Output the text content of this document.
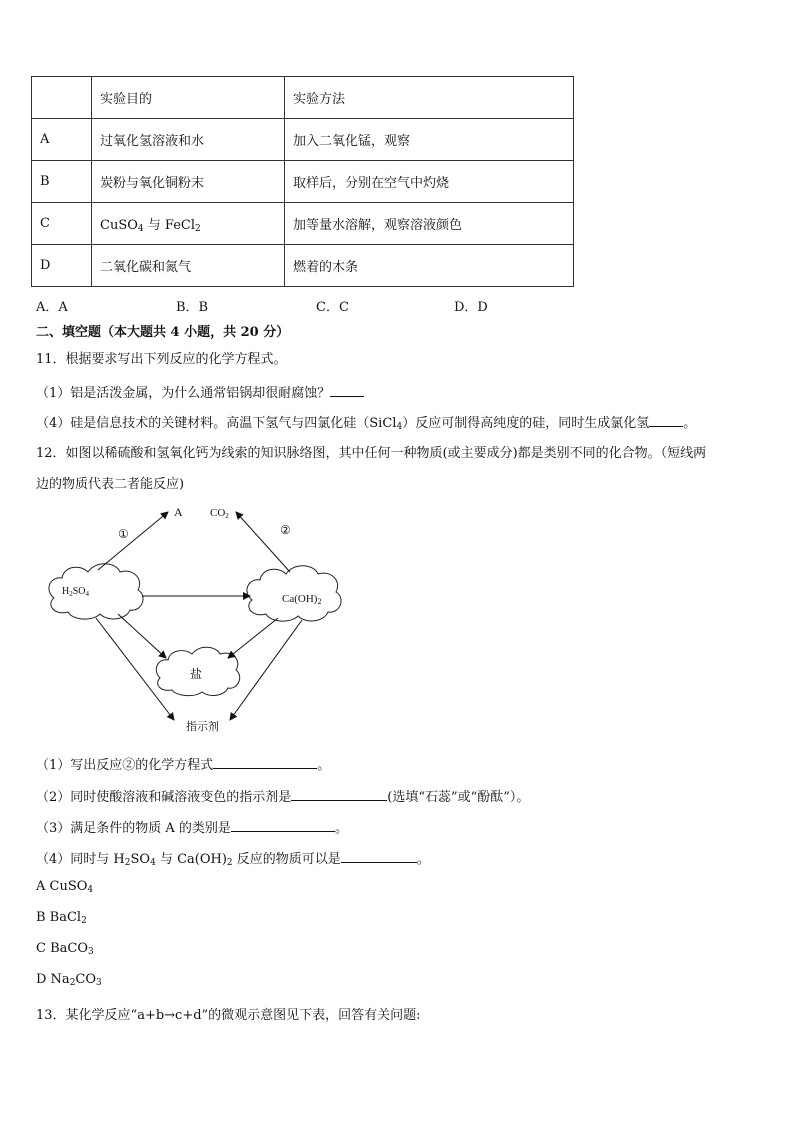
	实验目的	实验方法
A	过氧化氢溶液和水	加入二氧化锰，观察
B	炭粉与氧化铜粉末	取样后，分别在空气中灼烧
C	CuSO$_4$ 与 FeCl$_2$	加等量水溶解，观察溶液颜色
D	二氧化碳和氮气	燃着的木条
A．A	B．B	C．C	D．D
二、填空题（本大题共 4 小题，共 20 分）
11．根据要求写出下列反应的化学方程式。
（1）铝是活泼金属，为什么通常铝锅却很耐腐蚀？
（4）硅是信息技术的关键材料。高温下氢气与四氯化硅（SiCl$_4$）反应可制得高纯度的硅，同时生成氯化氢	。
12．如图以稀硫酸和氢氧化钙为线索的知识脉络图，其中任何一种物质(或主要成分)都是类别不同的化合物。（短线两
边的物质代表二者能反应)
$H_2SO_4$	Ca(OH)2
盐
指示剂
A CO2
①	②
（1）写出反应②的化学方程式	。
（2）同时使酸溶液和碱溶液变色的指示剂是	(选填“石蕊”或“酚酞”）。
（3）满足条件的物质 A 的类别是	。
（4）同时与 $H_2SO_4$ 与 $Ca(OH)_2$ 反应的物质可以是	。
A CuSO$_4$
B BaCl$_2$
C BaCO$_3$
D $Na_2CO_3$
13．某化学反应“a+b→c+d”的微观示意图见下表，回答有关问题:
